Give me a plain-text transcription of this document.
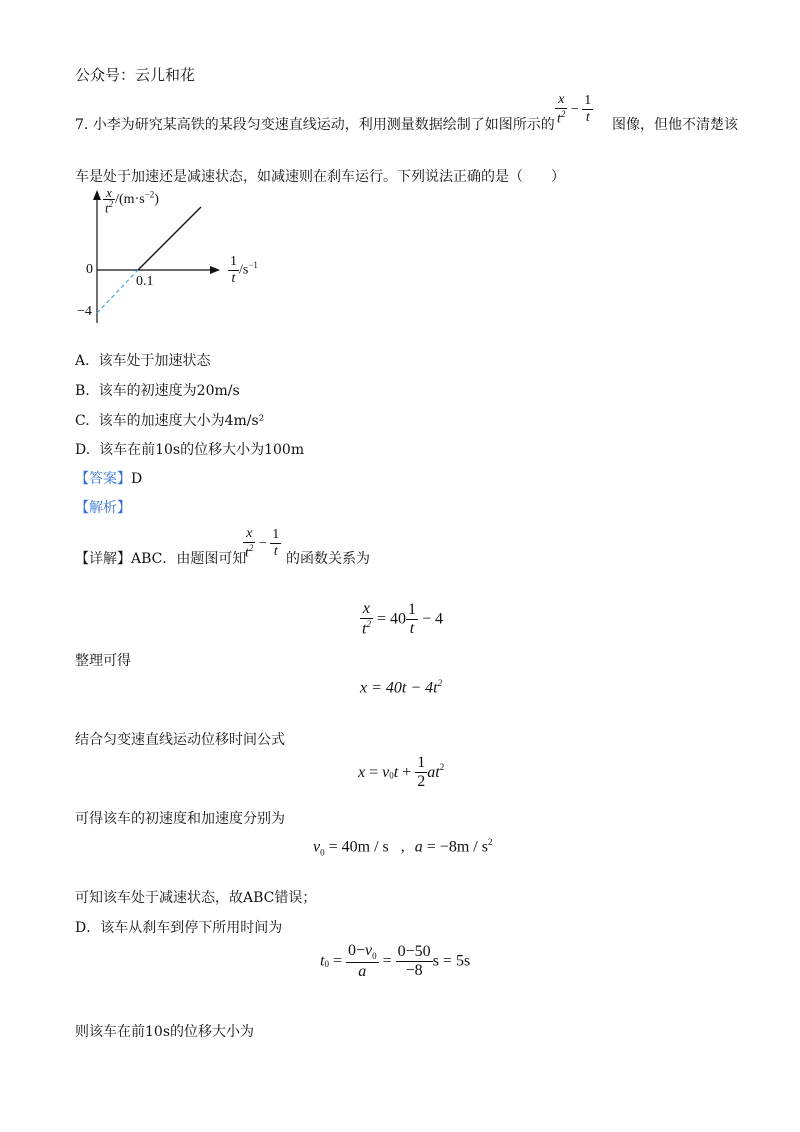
公众号：云儿和花
7. 小李为研究某高铁的某段匀变速直线运动，利用测量数据绘制了如图所示的 $\frac{x}{t^2} - \frac{1}{t}$ 图像，但他不清楚该
车是处于加速还是减速状态，如减速则在刹车运行。下列说法正确的是（　　）
$\frac{x}{t^2} /(m\cdot s^{-2})$
$\frac{1}{t} /s^{-1}$
0
0.1
−4
A. 该车处于加速状态
B. 该车的初速度为20m/s
C. 该车的加速度大小为4m/s²
D. 该车在前10s的位移大小为100m
【答案】D
【解析】
【详解】ABC．由题图可知
$\frac{x}{t^2} - \frac{1}{t}$ 的函数关系为
$\frac{x}{t^2} = 40 \frac{1}{t} - 4$
整理可得
$x = 40t - 4t^2$
结合匀变速直线运动位移时间公式
$x = v_0t + \frac{1}{2} at^2$
可得该车的初速度和加速度分别为
$v_0 = 40m / s$ , $a = -8m / s^2$
可知该车处于减速状态，故ABC错误；
D．该车从刹车到停下所用时间为
$t_0 = \frac{0-v_0}{a} = \frac{0-50}{-8}$ s = 5s
则该车在前10s的位移大小为
